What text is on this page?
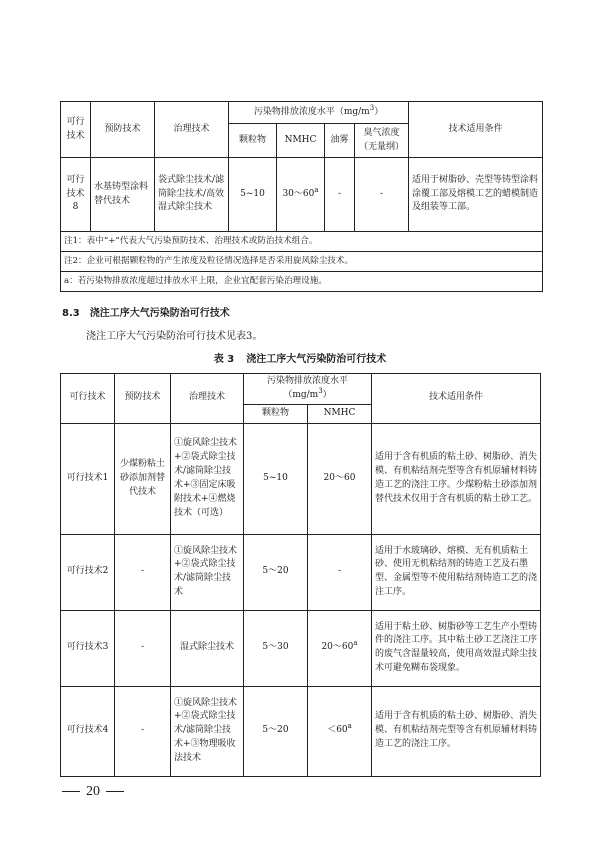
可行技术	预防技术	治理技术	污染物排放浓度水平$(mg/m^3)$				技术适用条件
			颗粒物	NMHC	油雾	臭气浓度
（无量纲）	
可行技术8	水基铸型涂料替代技术	袋式除尘技术/滤筒除尘技术/高效湿式除尘技术	5~10	30～60$^a$	-	-	适用于树脂砂、壳型等铸型涂料涂覆工部及熔模工艺的蜡模制造及组装等工部。
注1：表中“+”代表大气污染预防技术、治理技术或防治技术组合。							
注2：企业可根据颗粒物的产生浓度及粒径情况选择是否采用旋风除尘技术。							
a：若污染物排放浓度超过排放水平上限，企业宜配套污染治理设施。							

8.3 浇注工序大气污染防治可行技术

浇注工序大气污染防治可行技术见表3。

表 3 浇注工序大气污染防治可行技术

可行技术	预防技术	治理技术	污染物排放浓度水平$(mg/m^3)$		技术适用条件
			颗粒物	NMHC	
可行技术1	少煤粉粘土砂添加剂替代技术	①旋风除尘技术+②袋式除尘技术/滤筒除尘技术+③固定床吸附技术+④燃烧技术（可选）	5~10	20～60	适用于含有机质的粘土砂、树脂砂、消失模、有机粘结剂壳型等含有机原辅材料铸造工艺的浇注工序。少煤粉粘土砂添加剂替代技术仅用于含有机质的粘土砂工艺。
可行技术2	-	①旋风除尘技术+②袋式除尘技术/滤筒除尘技术	5～20	-	适用于水玻璃砂、熔模、无有机质粘土砂、使用无机粘结剂的铸造工艺及石墨型、金属型等不使用粘结剂铸造工艺的浇注工序。
可行技术3	-	湿式除尘技术	5～30	20～60$^a$	适用于粘土砂、树脂砂等工艺生产小型铸件的浇注工序。其中粘土砂工艺浇注工序的废气含湿量较高，使用高效湿式除尘技术可避免糊布袋现象。
可行技术4	-	①旋风除尘技术+②袋式除尘技术/滤筒除尘技术+③物理吸收法技术	5～20	$<60^a$	适用于含有机质的粘土砂、树脂砂、消失模、有机粘结剂壳型等含有机原辅材料铸造工艺的浇注工序。

20
